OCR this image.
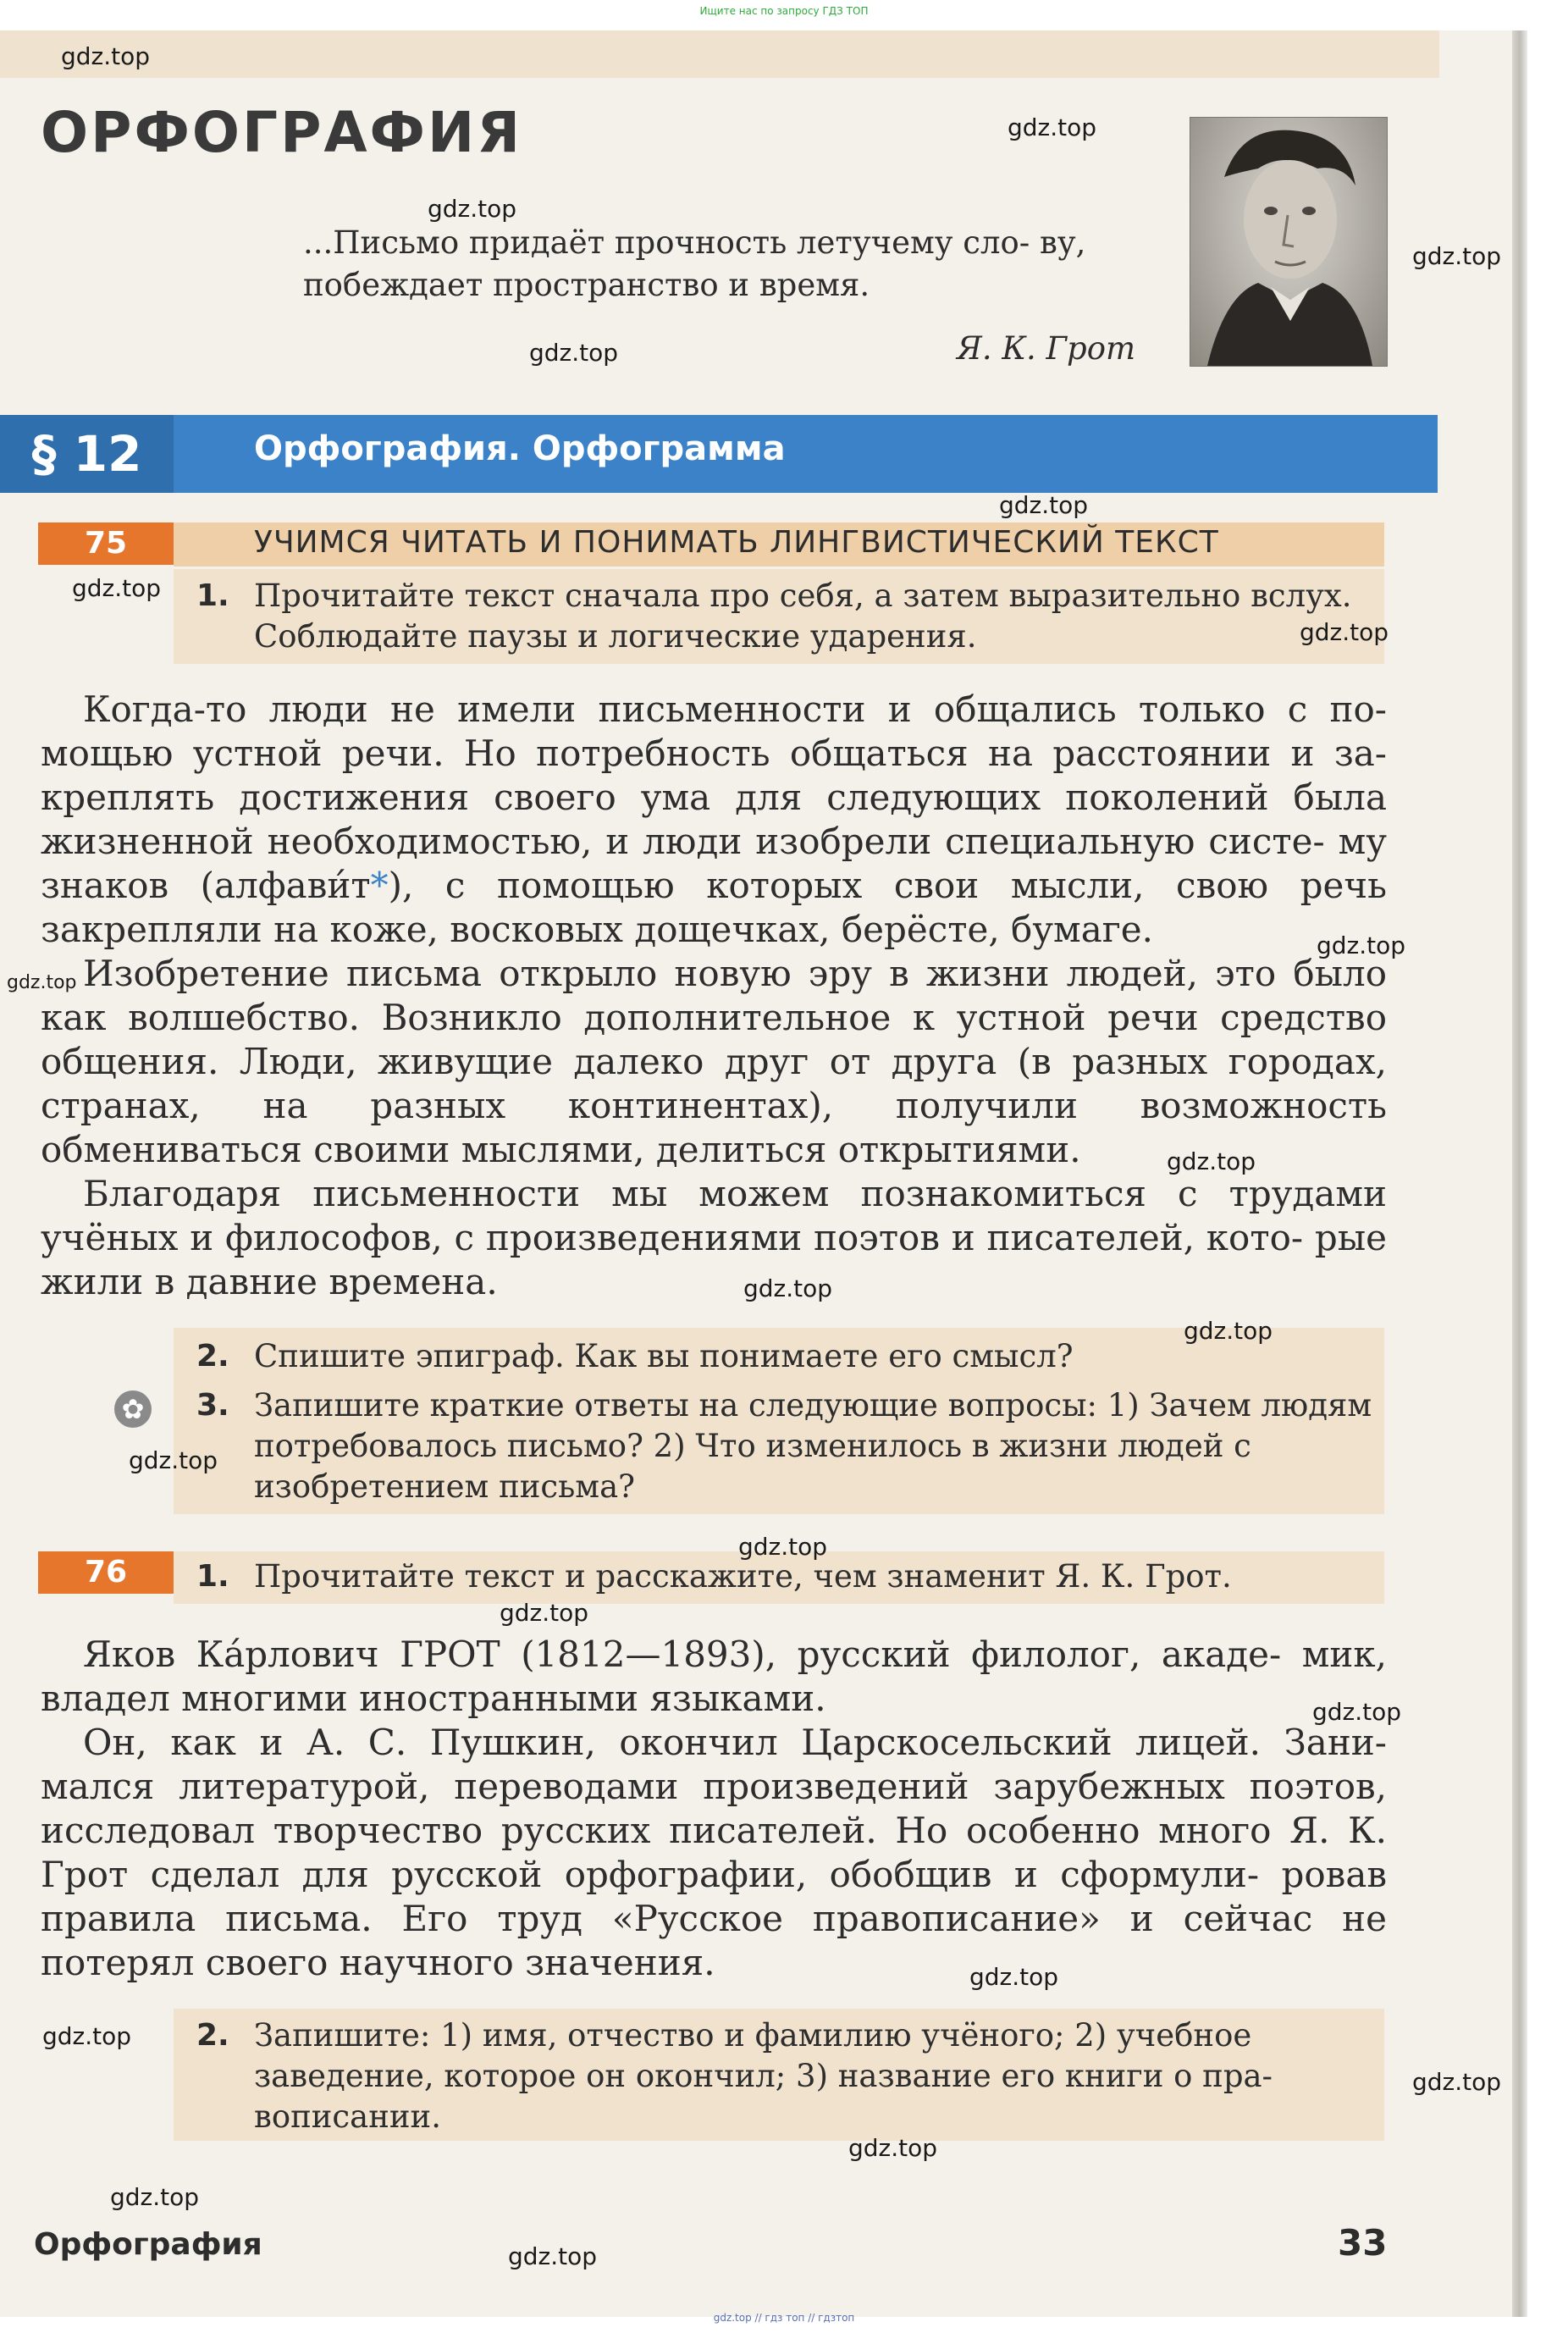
Ищите нас по запросу ГДЗ ТОП
ОРФОГРАФИЯ
...Письмо придаёт прочность летучему сло- ву, побеждает пространство и время.
Я. К. Грот
§ 12	Орфография. Орфограмма
75	УЧИМСЯ ЧИТАТЬ И ПОНИМАТЬ ЛИНГВИСТИЧЕСКИЙ ТЕКСТ
1. Прочитайте текст сначала про себя, а затем выразительно вслух. Соблюдайте паузы и логические ударения.

Когда-то люди не имели письменности и общались только с по- мощью устной речи. Но потребность общаться на расстоянии и за- креплять достижения своего ума для следующих поколений была жизненной необходимостью, и люди изобрели специальную систе- му знаков (алфави́т*), с помощью которых свои мысли, свою речь закрепляли на коже, восковых дощечках, берёсте, бумаге.

Изобретение письма открыло новую эру в жизни людей, это было как волшебство. Возникло дополнительное к устной речи средство общения. Люди, живущие далеко друг от друга (в разных городах, странах, на разных континентах), получили возможность обмениваться своими мыслями, делиться открытиями.

Благодаря письменности мы можем познакомиться с трудами учёных и философов, с произведениями поэтов и писателей, кото- рые жили в давние времена.

2. Спишите эпиграф. Как вы понимаете его смысл?
✿ 3. Запишите краткие ответы на следующие вопросы: 1) Зачем людям потребовалось письмо? 2) Что изменилось в жизни людей с изобретением письма?
76	1. Прочитайте текст и расскажите, чем знаменит Я. К. Грот.

Яков Ка́рлович ГРОТ (1812—1893), русский филолог, акаде- мик, владел многими иностранными языками.

Он, как и А. С. Пушкин, окончил Царскосельский лицей. Зани- мался литературой, переводами произведений зарубежных поэтов, исследовал творчество русских писателей. Но особенно много Я. К. Грот сделал для русской орфографии, обобщив и сформули- ровав правила письма. Его труд «Русское правописание» и сейчас не потерял своего научного значения.

2. Запишите: 1) имя, отчество и фамилию учёного; 2) учебное заведение, которое он окончил; 3) название его книги о пра- вописании.
Орфография	33
gdz.top
gdz.top
gdz.top
gdz.top
gdz.top
gdz.top
gdz.top
gdz.top
gdz.top
gdz.top
gdz.top
gdz.top
gdz.top
gdz.top
gdz.top
gdz.top
gdz.top
gdz.top
gdz.top
gdz.top
gdz.top
gdz.top
gdz.top
gdz.top // гдз топ // гдзтоп
